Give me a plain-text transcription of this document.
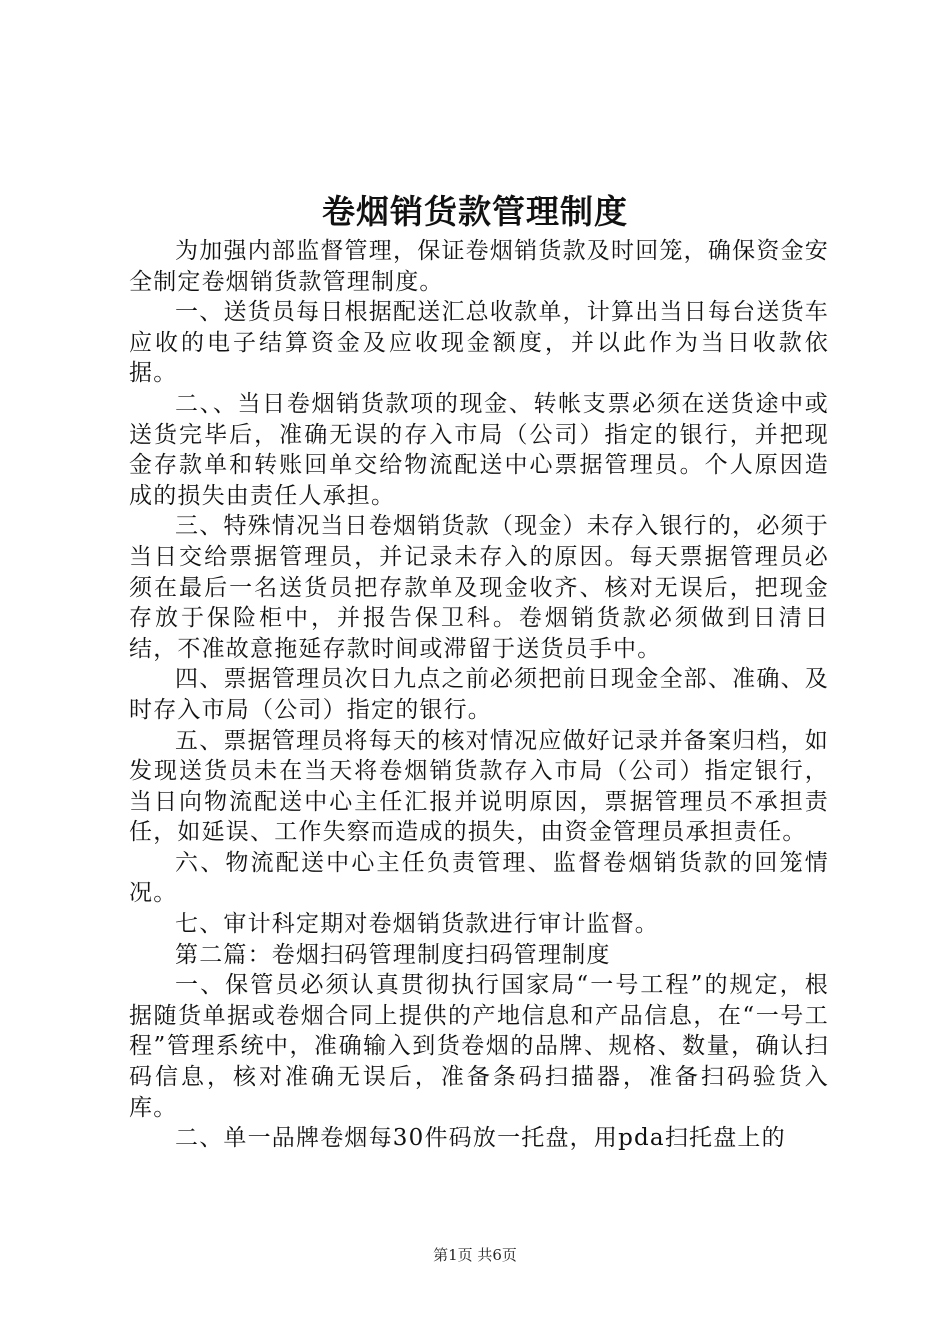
卷烟销货款管理制度

为加强内部监督管理，保证卷烟销货款及时回笼，确保资金安全制定卷烟销货款管理制度。

一、送货员每日根据配送汇总收款单，计算出当日每台送货车应收的电子结算资金及应收现金额度，并以此作为当日收款依据。

二、、当日卷烟销货款项的现金、转帐支票必须在送货途中或送货完毕后，准确无误的存入市局（公司）指定的银行，并把现金存款单和转账回单交给物流配送中心票据管理员。个人原因造成的损失由责任人承担。

三、特殊情况当日卷烟销货款（现金）未存入银行的，必须于当日交给票据管理员，并记录未存入的原因。每天票据管理员必须在最后一名送货员把存款单及现金收齐、核对无误后，把现金存放于保险柜中，并报告保卫科。卷烟销货款必须做到日清日结，不准故意拖延存款时间或滞留于送货员手中。

四、票据管理员次日九点之前必须把前日现金全部、准确、及时存入市局（公司）指定的银行。

五、票据管理员将每天的核对情况应做好记录并备案归档，如发现送货员未在当天将卷烟销货款存入市局（公司）指定银行，当日向物流配送中心主任汇报并说明原因，票据管理员不承担责任，如延误、工作失察而造成的损失，由资金管理员承担责任。

六、物流配送中心主任负责管理、监督卷烟销货款的回笼情况。

七、审计科定期对卷烟销货款进行审计监督。

第二篇：卷烟扫码管理制度扫码管理制度

一、保管员必须认真贯彻执行国家局“一号工程”的规定，根据随货单据或卷烟合同上提供的产地信息和产品信息，在“一号工程”管理系统中，准确输入到货卷烟的品牌、规格、数量，确认扫码信息，核对准确无误后，准备条码扫描器，准备扫码验货入库。

二、单一品牌卷烟每30件码放一托盘，用pda扫托盘上的

第1页 共6页
